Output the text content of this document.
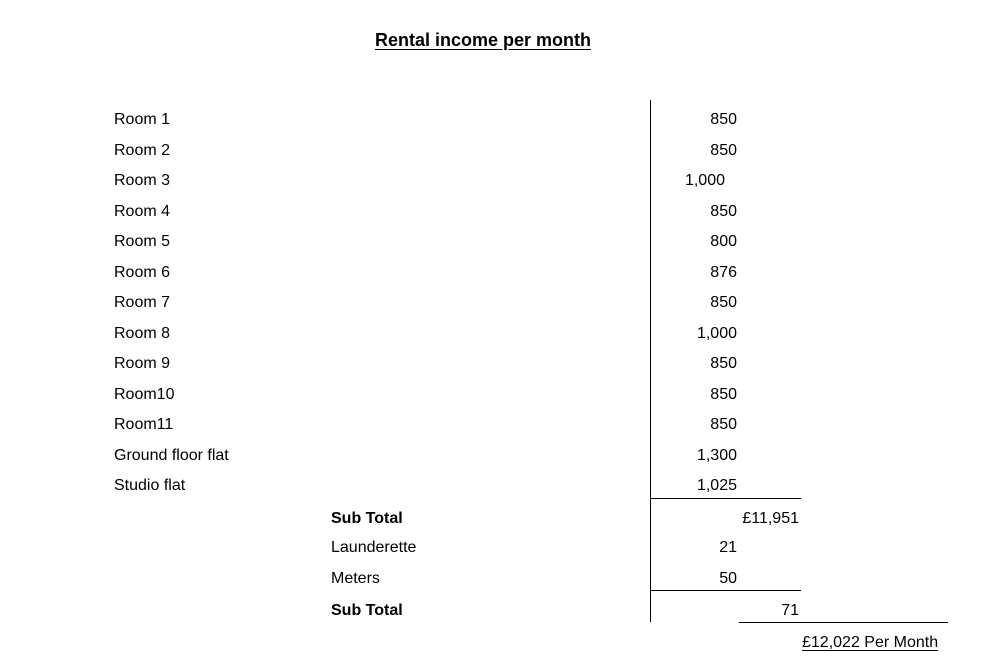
Rental income per month
Room 1	850
Room 2	850
Room 3	1,000
Room 4	850
Room 5	800
Room 6	876
Room 7	850
Room 8	1,000
Room 9	850
Room10	850
Room11	850
Ground floor flat	1,300
Studio flat	1,025
Sub Total	£11,951
Launderette	21
Meters	50
Sub Total	71
£12,022 Per Month
